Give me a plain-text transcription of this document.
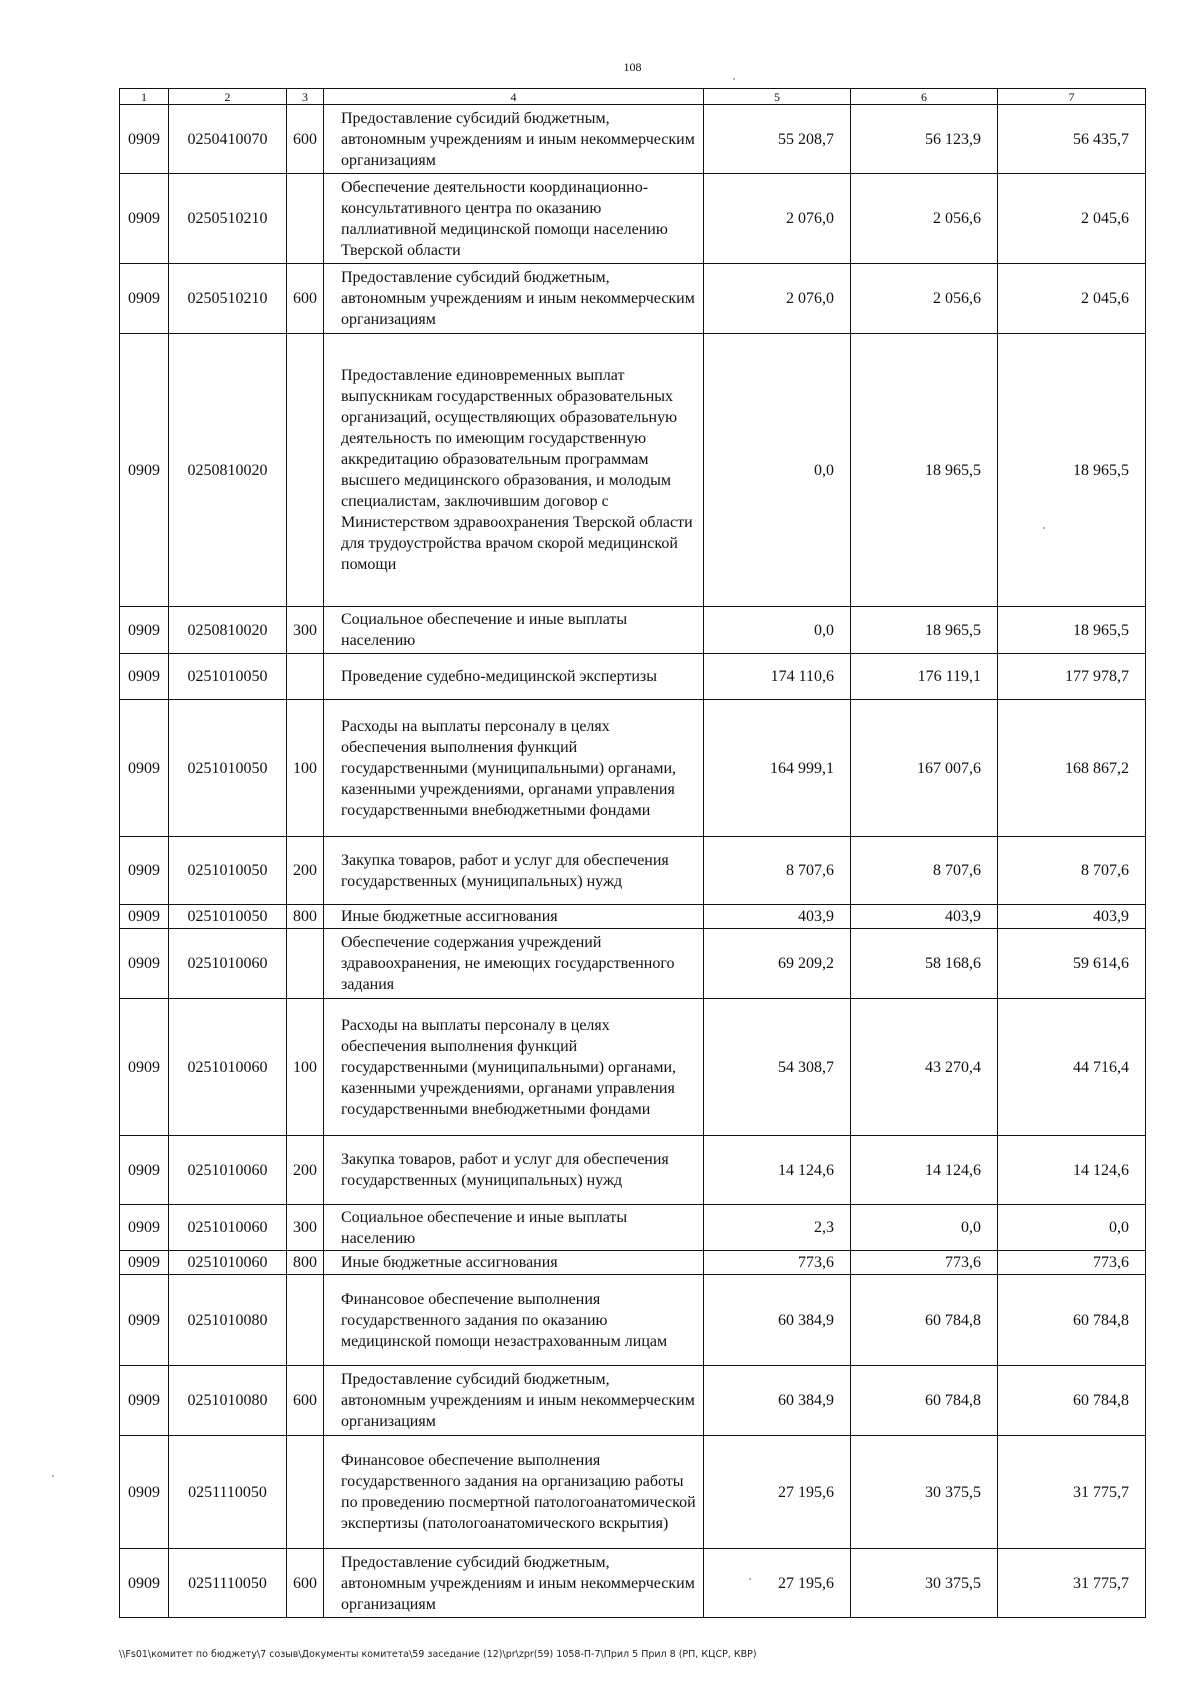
108
1	2	3	4	5	6	7
0909	0250410070	600	Предоставление субсидий бюджетным, автономным учреждениям и иным некоммерческим организациям	55 208,7	56 123,9	56 435,7
0909	0250510210		Обеспечение деятельности координационно-консультативного центра по оказанию паллиативной медицинской помощи населению Тверской области	2 076,0	2 056,6	2 045,6
0909	0250510210	600	Предоставление субсидий бюджетным, автономным учреждениям и иным некоммерческим организациям	2 076,0	2 056,6	2 045,6
0909	0250810020		Предоставление единовременных выплат выпускникам государственных образовательных организаций, осуществляющих образовательную деятельность по имеющим государственную аккредитацию образовательным программам высшего медицинского образования, и молодым специалистам, заключившим договор с Министерством здравоохранения Тверской области для трудоустройства врачом скорой медицинской помощи	0,0	18 965,5	18 965,5
0909	0250810020	300	Социальное обеспечение и иные выплаты населению	0,0	18 965,5	18 965,5
0909	0251010050		Проведение судебно-медицинской экспертизы	174 110,6	176 119,1	177 978,7
0909	0251010050	100	Расходы на выплаты персоналу в целях обеспечения выполнения функций государственными (муниципальными) органами, казенными учреждениями, органами управления государственными внебюджетными фондами	164 999,1	167 007,6	168 867,2
0909	0251010050	200	Закупка товаров, работ и услуг для обеспечения государственных (муниципальных) нужд	8 707,6	8 707,6	8 707,6
0909	0251010050	800	Иные бюджетные ассигнования	403,9	403,9	403,9
0909	0251010060		Обеспечение содержания учреждений здравоохранения, не имеющих государственного задания	69 209,2	58 168,6	59 614,6
0909	0251010060	100	Расходы на выплаты персоналу в целях обеспечения выполнения функций государственными (муниципальными) органами, казенными учреждениями, органами управления государственными внебюджетными фондами	54 308,7	43 270,4	44 716,4
0909	0251010060	200	Закупка товаров, работ и услуг для обеспечения государственных (муниципальных) нужд	14 124,6	14 124,6	14 124,6
0909	0251010060	300	Социальное обеспечение и иные выплаты населению	2,3	0,0	0,0
0909	0251010060	800	Иные бюджетные ассигнования	773,6	773,6	773,6
0909	0251010080		Финансовое обеспечение выполнения государственного задания по оказанию медицинской помощи незастрахованным лицам	60 384,9	60 784,8	60 784,8
0909	0251010080	600	Предоставление субсидий бюджетным, автономным учреждениям и иным некоммерческим организациям	60 384,9	60 784,8	60 784,8
0909	0251110050		Финансовое обеспечение выполнения государственного задания на организацию работы по проведению посмертной патологоанатомической экспертизы (патологоанатомического вскрытия)	27 195,6	30 375,5	31 775,7
0909	0251110050	600	Предоставление субсидий бюджетным, автономным учреждениям и иным некоммерческим организациям	27 195,6	30 375,5	31 775,7
\\Fs01\комитет по бюджету\7 созыв\Документы комитета\59 заседание (12)\pr\zpr(59) 1058-П-7\Прил 5 Прил 8 (РП, КЦСР, КВР)
